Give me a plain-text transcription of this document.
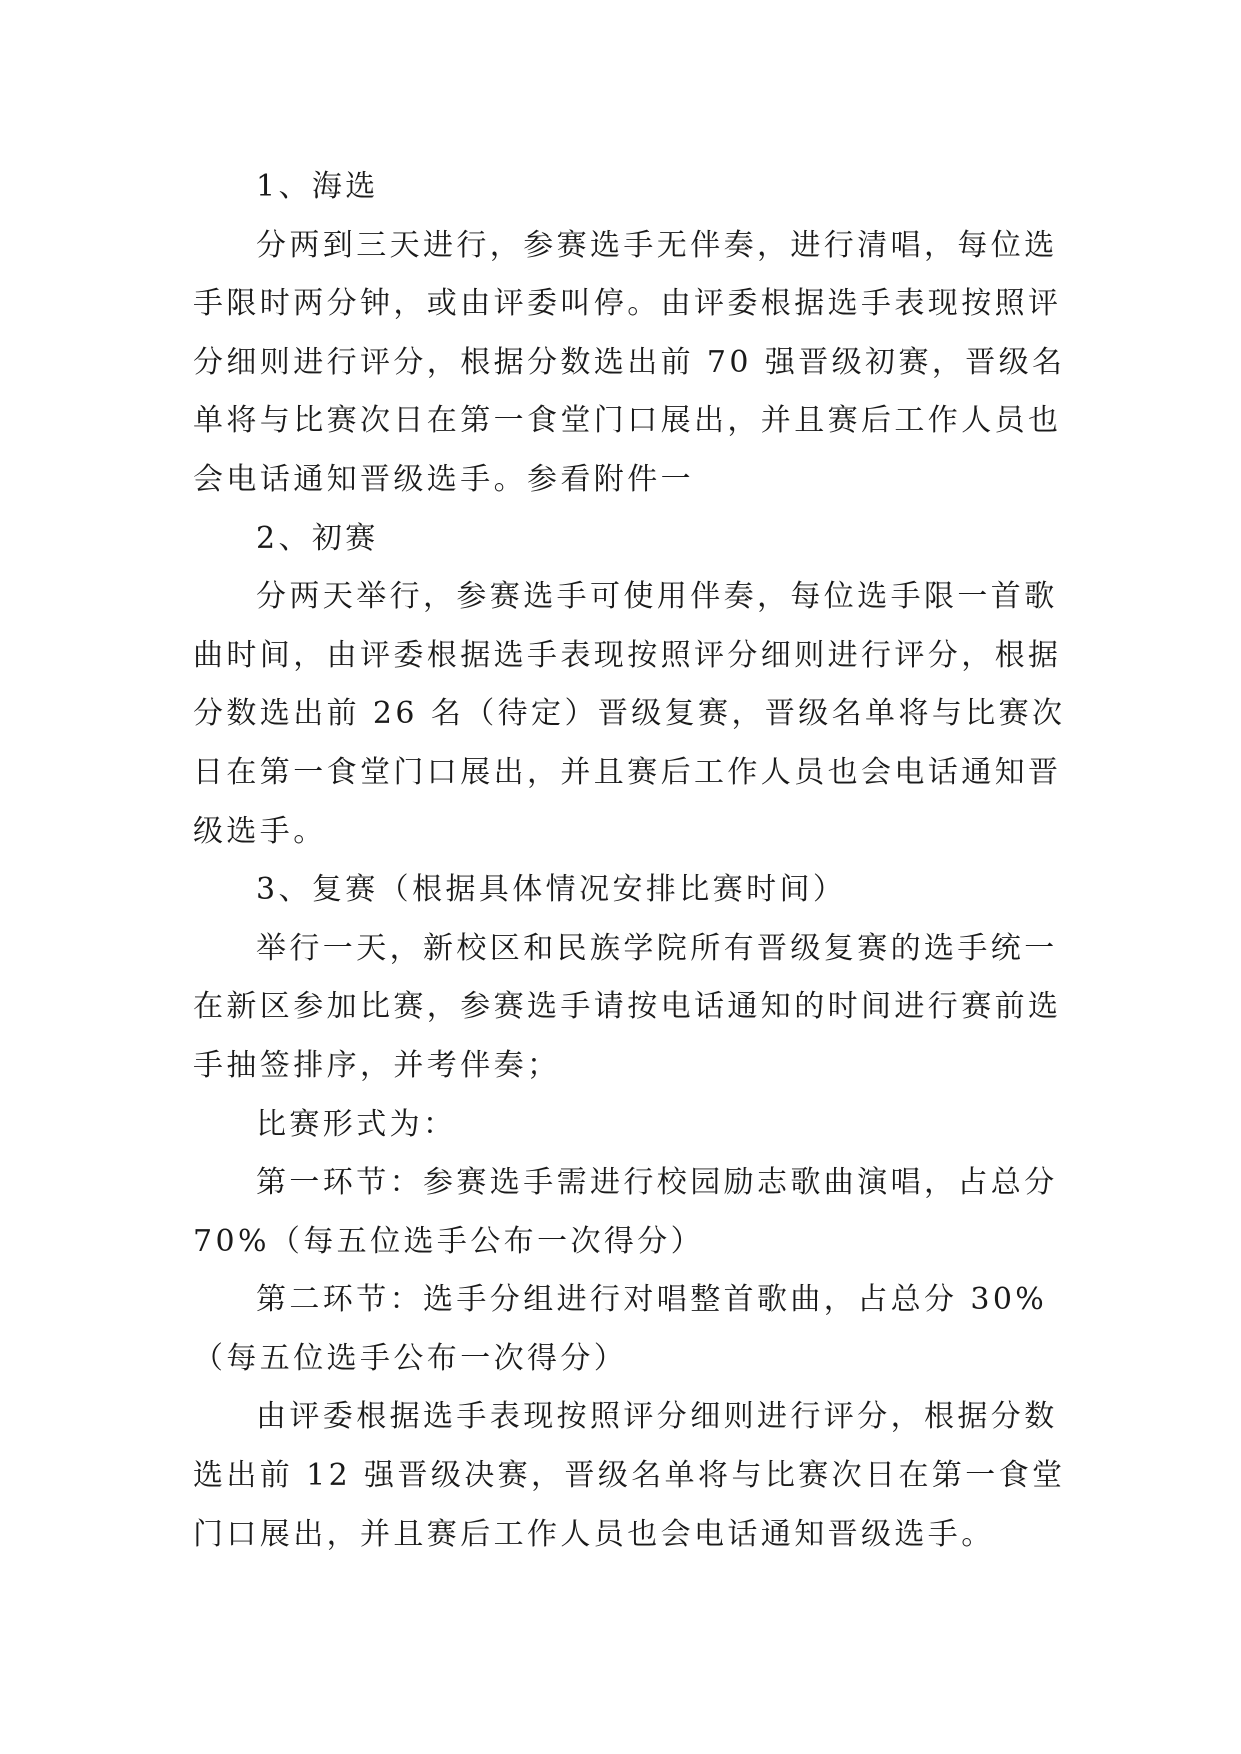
1、海选
分两到三天进行，参赛选手无伴奏，进行清唱，每位选
手限时两分钟，或由评委叫停。由评委根据选手表现按照评
分细则进行评分，根据分数选出前 70 强晋级初赛，晋级名
单将与比赛次日在第一食堂门口展出，并且赛后工作人员也
会电话通知晋级选手。参看附件一
2、初赛
分两天举行，参赛选手可使用伴奏，每位选手限一首歌
曲时间，由评委根据选手表现按照评分细则进行评分，根据
分数选出前 26 名（待定）晋级复赛，晋级名单将与比赛次
日在第一食堂门口展出，并且赛后工作人员也会电话通知晋
级选手。
3、复赛（根据具体情况安排比赛时间）
举行一天，新校区和民族学院所有晋级复赛的选手统一
在新区参加比赛，参赛选手请按电话通知的时间进行赛前选
手抽签排序，并考伴奏；
比赛形式为：
第一环节：参赛选手需进行校园励志歌曲演唱，占总分
70%（每五位选手公布一次得分）
第二环节：选手分组进行对唱整首歌曲，占总分 30%
（每五位选手公布一次得分）
由评委根据选手表现按照评分细则进行评分，根据分数
选出前 12 强晋级决赛，晋级名单将与比赛次日在第一食堂
门口展出，并且赛后工作人员也会电话通知晋级选手。
